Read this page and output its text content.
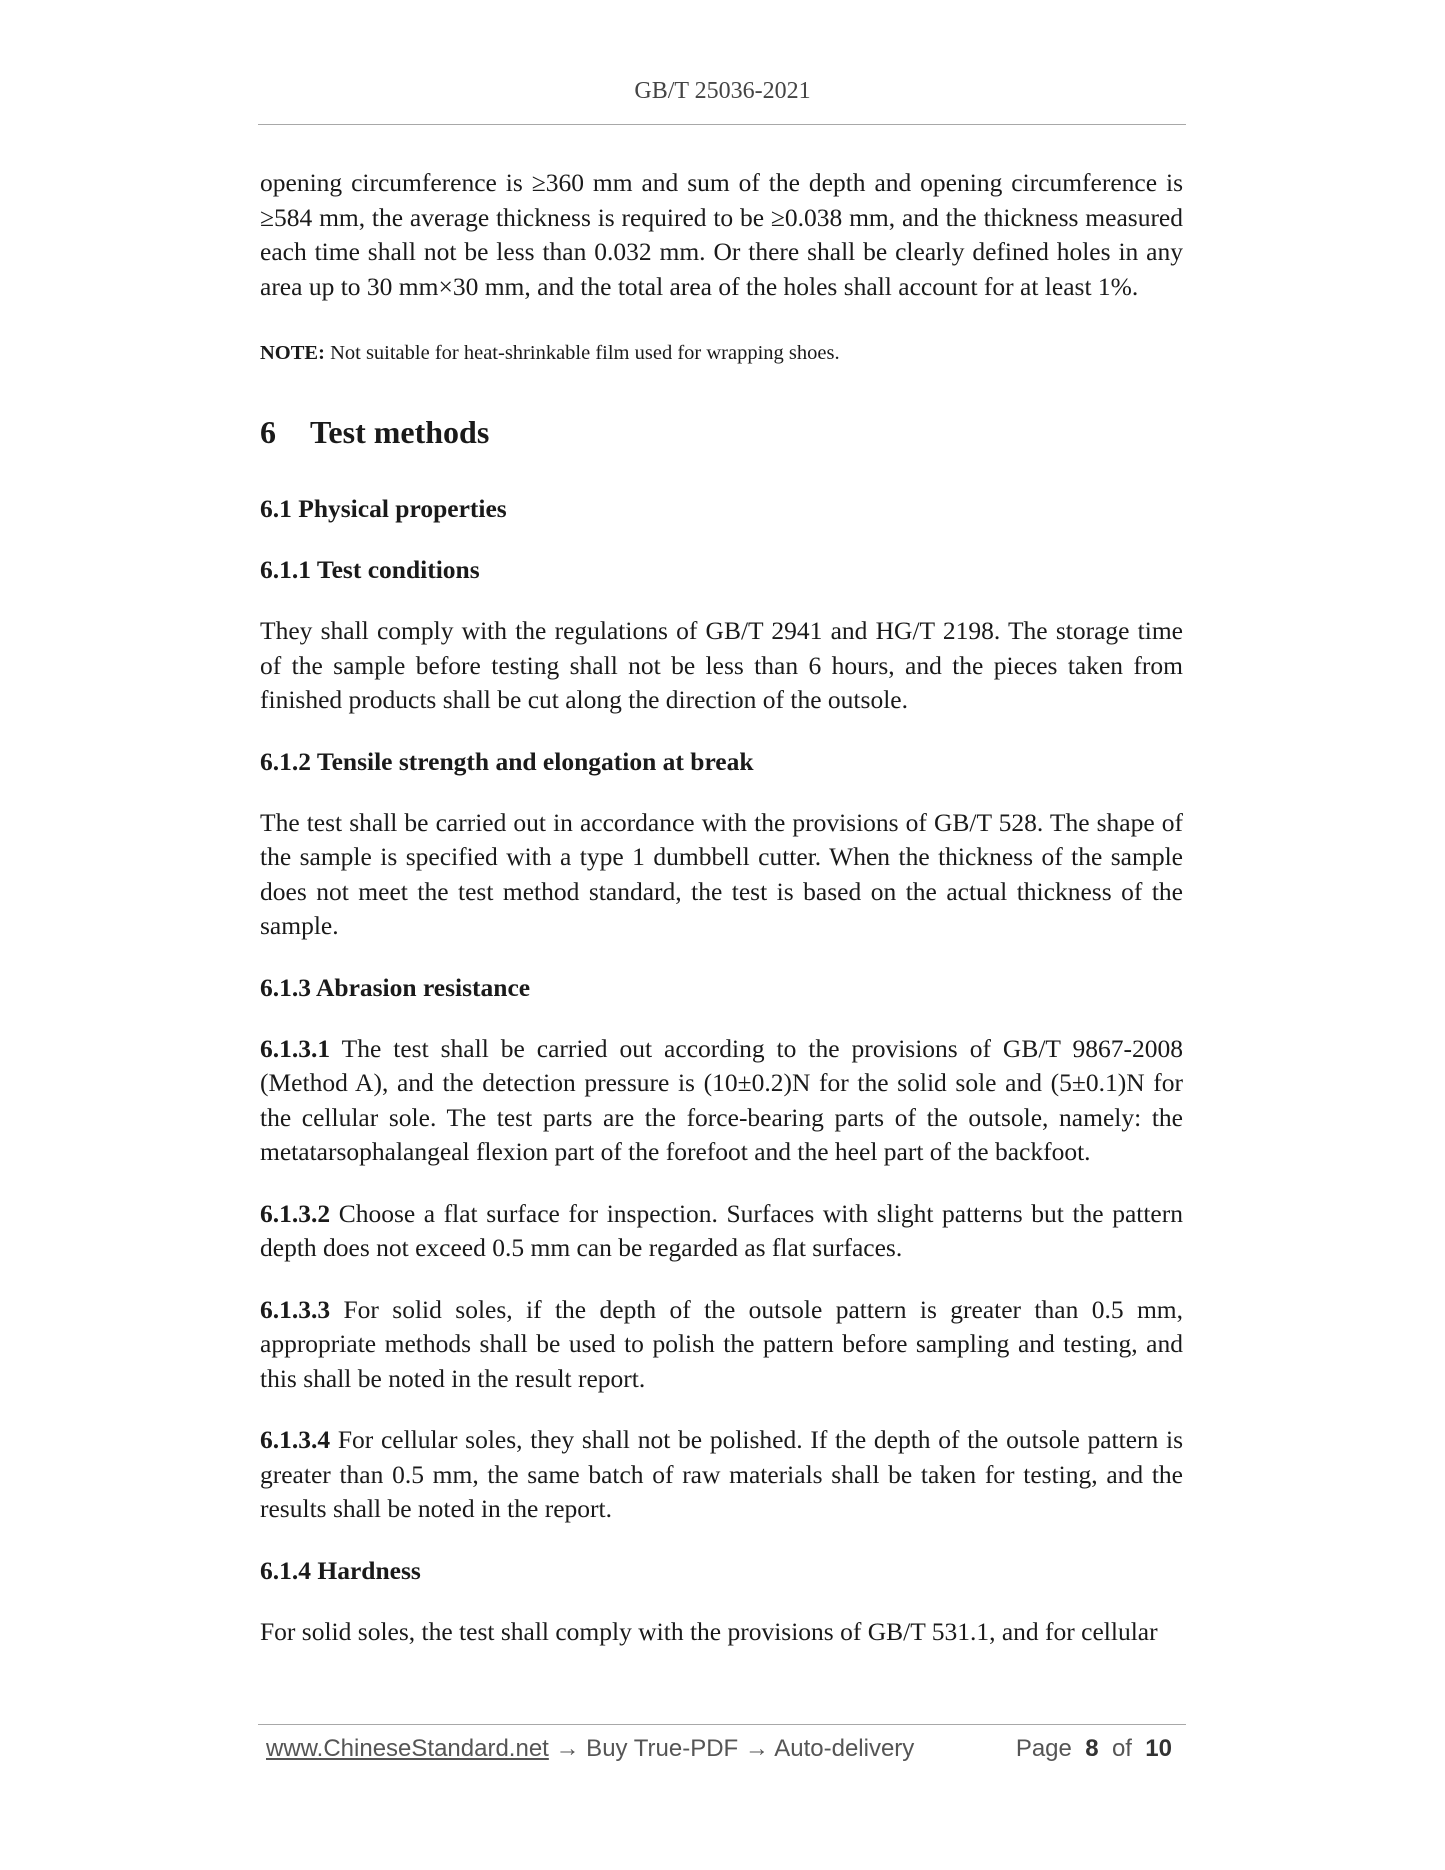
GB/T 25036-2021

opening circumference is ≥360 mm and sum of the depth and opening circumference is ≥584 mm, the average thickness is required to be ≥0.038 mm, and the thickness measured each time shall not be less than 0.032 mm. Or there shall be clearly defined holes in any area up to 30 mm×30 mm, and the total area of the holes shall account for at least 1%.

NOTE: Not suitable for heat-shrinkable film used for wrapping shoes.

6 Test methods
6.1 Physical properties
6.1.1 Test conditions

They shall comply with the regulations of GB/T 2941 and HG/T 2198. The storage time of the sample before testing shall not be less than 6 hours, and the pieces taken from finished products shall be cut along the direction of the outsole.

6.1.2 Tensile strength and elongation at break

The test shall be carried out in accordance with the provisions of GB/T 528. The shape of the sample is specified with a type 1 dumbbell cutter. When the thickness of the sample does not meet the test method standard, the test is based on the actual thickness of the sample.

6.1.3 Abrasion resistance

6.1.3.1 The test shall be carried out according to the provisions of GB/T 9867-2008 (Method A), and the detection pressure is (10±0.2)N for the solid sole and (5±0.1)N for the cellular sole. The test parts are the force-bearing parts of the outsole, namely: the metatarsophalangeal flexion part of the forefoot and the heel part of the backfoot.

6.1.3.2 Choose a flat surface for inspection. Surfaces with slight patterns but the pattern depth does not exceed 0.5 mm can be regarded as flat surfaces.

6.1.3.3 For solid soles, if the depth of the outsole pattern is greater than 0.5 mm, appropriate methods shall be used to polish the pattern before sampling and testing, and this shall be noted in the result report.

6.1.3.4 For cellular soles, they shall not be polished. If the depth of the outsole pattern is greater than 0.5 mm, the same batch of raw materials shall be taken for testing, and the results shall be noted in the report.

6.1.4 Hardness

For solid soles, the test shall comply with the provisions of GB/T 531.1, and for cellular

www.ChineseStandard.net → Buy True-PDF → Auto-delivery	Page 8 of 10
